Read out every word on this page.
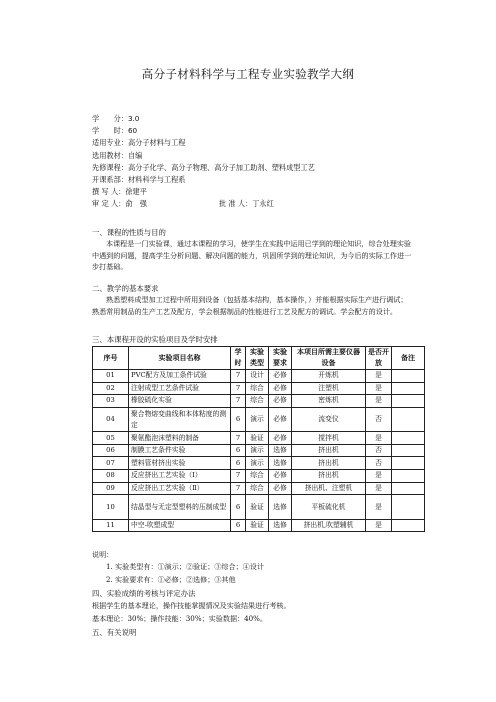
高分子材料科学与工程专业实验教学大纲
学　　分：3.0
学　　时：60
适用专业：高分子材料与工程
选用教材：自编
先修课程：高分子化学、高分子物理、高分子加工助剂、塑料成型工艺
开课系部：材料科学与工程系
撰 写 人：徐建平
审 定 人：俞　强	批 准 人：丁永红
一、课程的性质与目的
本课程是一门实验课，通过本课程的学习，使学生在实践中运用已学到的理论知识，综合处理实验中遇到的问题，提高学生分析问题、解决问题的能力，巩固所学到的理论知识，为今后的实际工作进一步打基础。
二、教学的基本要求
熟悉塑料成型加工过程中所用到设备（包括基本结构，基本操作，）并能根据实际生产进行调试；熟悉常用制品的生产工艺及配方，学会根据制品的性能进行工艺及配方的调试。学会配方的设计。
三、本课程开设的实验项目及学时安排
序号	实验项目名称	学时	实验类型	实验要求	本项目所需主要仪器设备	是否开放	备注
01	PVC配方及加工条件试验	7	设计	必修	开炼机	是	
02	注射成型工艺条件试验	7	综合	必修	注塑机	是	
03	橡胶硫化实验	7	综合	必修	密炼机	是	
04	聚合物熔变曲线和本体粘度的测定	6	演示	必修	流变仪	否	
05	聚氨酯泡沫塑料的制备	7	验证	必修	搅拌机	是	
06	制膜工艺条件实验	6	演示	选修	挤出机	否	
07	塑料管材挤出实验	6	演示	选修	挤出机	否	
08	反应挤出工艺实验（Ⅰ）	7	综合	必修	挤出机	是	
09	反应挤出工艺实验（Ⅱ）	7	综合	必修	挤出机、注塑机	是	
10	结晶型与无定型塑料的压制成型	6	验证	选修	平板硫化机	是	
11	中空-吹塑成型	6	验证	选修	挤出机,吹塑辅机	是	
说明：
1. 实验类型有：①演示；②验证；③综合；④设计
2. 实验要求有：①必修；②选修；③其他
四、实验成绩的考核与评定办法
根据学生的基本理论，操作技能掌握情况及实验结果进行考核。
基本理论：30%；操作技能：30%；实验数据：40%。
五、有关说明
